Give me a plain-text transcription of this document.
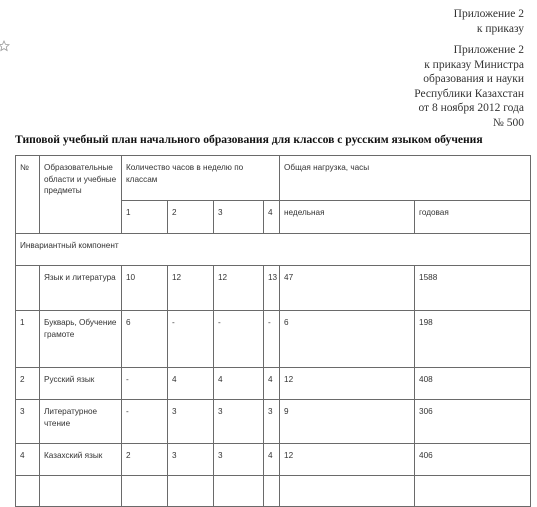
Приложение 2
к приказу
Приложение 2
к приказу Министра
образования и науки
Республики Казахстан
от 8 ноября 2012 года
№ 500
Типовой учебный план начального образования для классов с русским языком обучения
№	Образовательные области и учебные предметы	Количество часов в неделю по классам				Общая нагрузка, часы	
		1	2	3	4	недельная	годовая
Инвариантный компонент							
	Язык и литература	10	12	12	13	47	1588
1	Букварь, Обучение грамоте	6	-	-	-	6	198
2	Русский язык	-	4	4	4	12	408
3	Литературное чтение	-	3	3	3	9	306
4	Казахский язык	2	3	3	4	12	406
